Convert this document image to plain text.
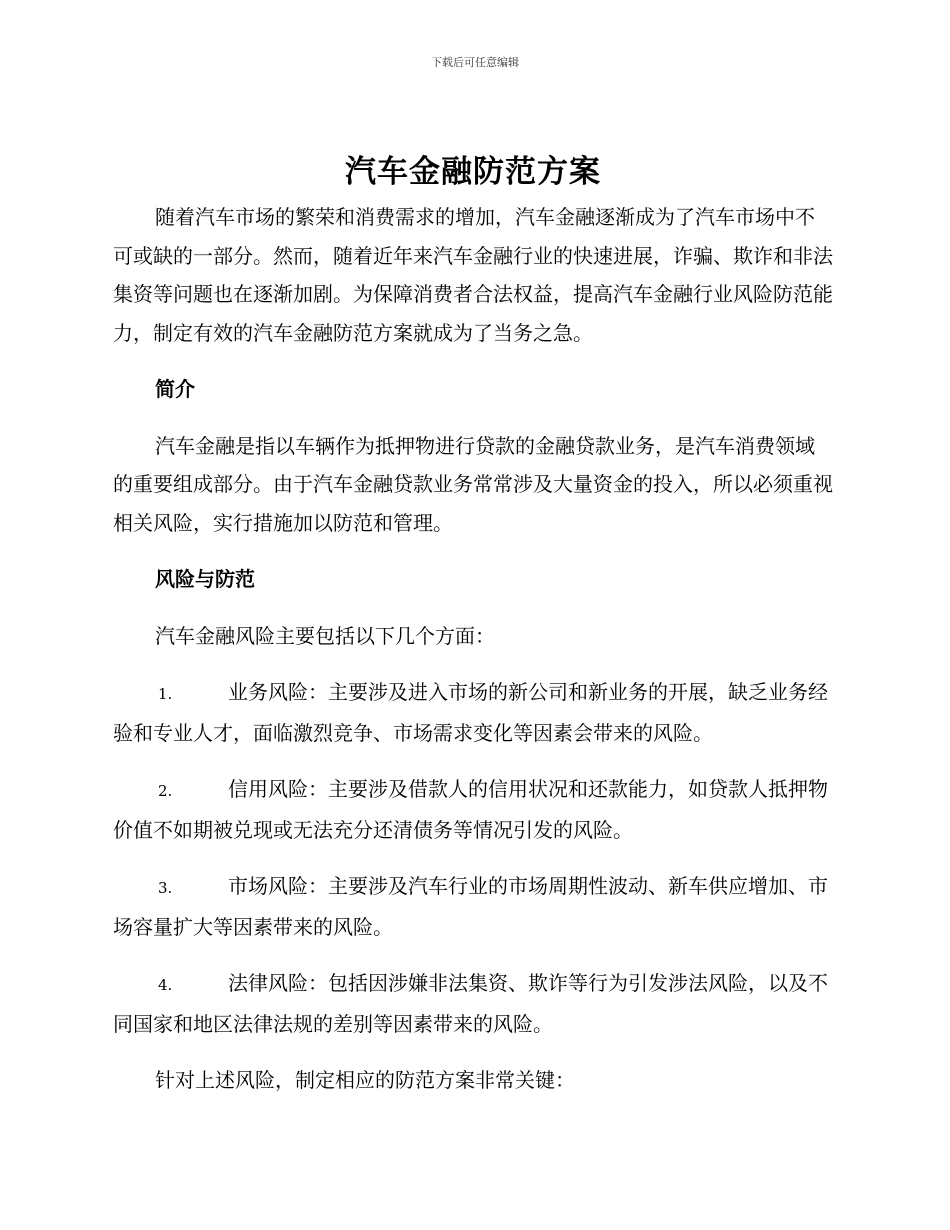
下载后可任意编辑
汽车金融防范方案

随着汽车市场的繁荣和消费需求的增加，汽车金融逐渐成为了汽车市场中不可或缺的一部分。然而，随着近年来汽车金融行业的快速进展，诈骗、欺诈和非法集资等问题也在逐渐加剧。为保障消费者合法权益，提高汽车金融行业风险防范能力，制定有效的汽车金融防范方案就成为了当务之急。

简介

汽车金融是指以车辆作为抵押物进行贷款的金融贷款业务，是汽车消费领域的重要组成部分。由于汽车金融贷款业务常常涉及大量资金的投入，所以必须重视相关风险，实行措施加以防范和管理。

风险与防范

汽车金融风险主要包括以下几个方面：

1.	业务风险：主要涉及进入市场的新公司和新业务的开展，缺乏业务经验和专业人才，面临激烈竞争、市场需求变化等因素会带来的风险。

2.	信用风险：主要涉及借款人的信用状况和还款能力，如贷款人抵押物价值不如期被兑现或无法充分还清债务等情况引发的风险。

3.	市场风险：主要涉及汽车行业的市场周期性波动、新车供应增加、市场容量扩大等因素带来的风险。

4.	法律风险：包括因涉嫌非法集资、欺诈等行为引发涉法风险，以及不同国家和地区法律法规的差别等因素带来的风险。

针对上述风险，制定相应的防范方案非常关键：
